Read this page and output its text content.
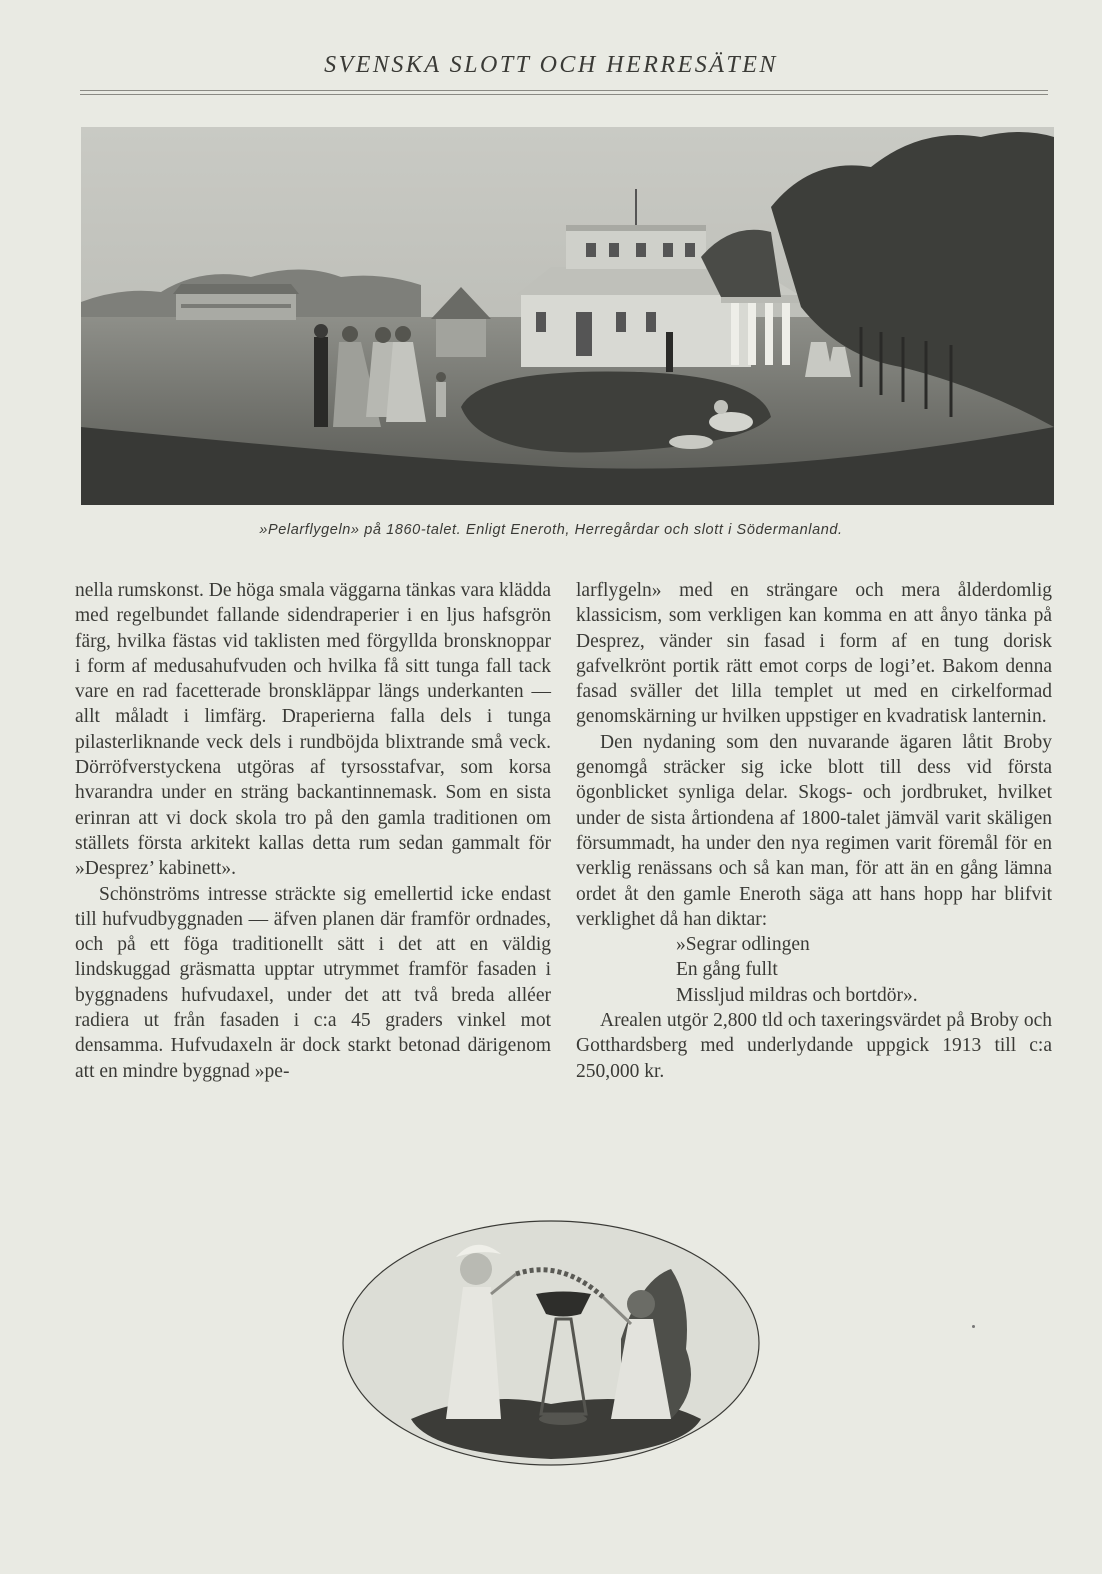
SVENSKA SLOTT OCH HERRESÄTEN
»Pelarflygeln» på 1860-talet. Enligt Eneroth, Herregårdar och slott i Södermanland.

nella rumskonst. De höga smala väggarna tänkas vara klädda med regelbundet fallande sidendraperier i en ljus hafsgrön färg, hvilka fästas vid taklisten med förgyllda bronsknoppar i form af medusahufvuden och hvilka få sitt tunga fall tack vare en rad facetterade bronskläppar längs underkanten — allt måladt i limfärg. Draperierna falla dels i tunga pilasterliknande veck dels i rundböjda blixtrande små veck. Dörröfverstyckena utgöras af tyrsosstafvar, som korsa hvarandra under en sträng backantinnemask. Som en sista erinran att vi dock skola tro på den gamla traditionen om ställets första arkitekt kallas detta rum sedan gammalt för »Desprez’ kabinett».

Schönströms intresse sträckte sig emellertid icke endast till hufvudbyggnaden — äfven planen där framför ordnades, och på ett föga traditionellt sätt i det att en väldig lindskuggad gräsmatta upptar utrymmet framför fasaden i byggnadens hufvudaxel, under det att två breda alléer radiera ut från fasaden i c:a 45 graders vinkel mot densamma. Hufvudaxeln är dock starkt betonad därigenom att en mindre byggnad »pe-

larflygeln» med en strängare och mera ålderdomlig klassicism, som verkligen kan komma en att ånyo tänka på Desprez, vänder sin fasad i form af en tung dorisk gafvelkrönt portik rätt emot corps de logi’et. Bakom denna fasad sväller det lilla templet ut med en cirkelformad genomskärning ur hvilken uppstiger en kvadratisk lanternin.

Den nydaning som den nuvarande ägaren låtit Broby genomgå sträcker sig icke blott till dess vid första ögonblicket synliga delar. Skogs- och jordbruket, hvilket under de sista årtiondena af 1800-talet jämväl varit skäligen försummadt, ha under den nya regimen varit föremål för en verklig renässans och så kan man, för att än en gång lämna ordet åt den gamle Eneroth säga att hans hopp har blifvit verklighet då han diktar:

»Segrar odlingen

En gång fullt

Missljud mildras och bortdör».

Arealen utgör 2,800 tld och taxeringsvärdet på Broby och Gotthardsberg med underlydande uppgick 1913 till c:a 250,000 kr.
